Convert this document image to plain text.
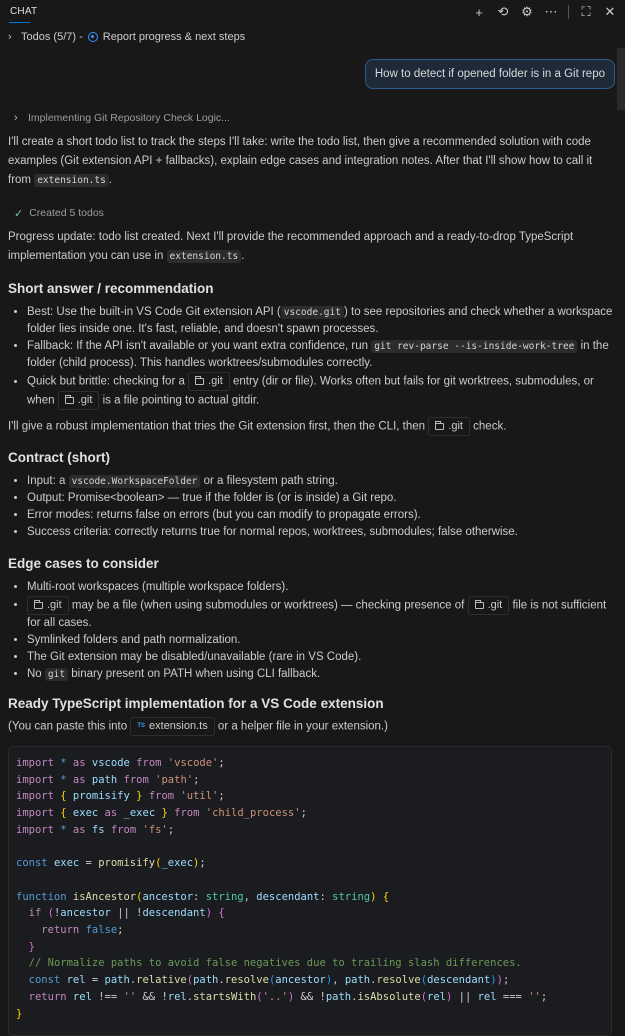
CHAT	+ ⟲ ⚙ ⋯ ⛶ ✕
› Todos (5/7) - Report progress & next steps
How to detect if opened folder is in a Git repo
› Implementing Git Repository Check Logic...

I'll create a short todo list to track the steps I'll take: write the todo list, then give a recommended solution with code examples (Git extension API + fallbacks), explain edge cases and integration notes. After that I'll show how to call it from extension.ts .

✓ Created 5 todos

Progress update: todo list created. Next I'll provide the recommended approach and a ready-to-drop TypeScript implementation you can use in extension.ts .

Short answer / recommendation
• Best: Use the built-in VS Code Git extension API ( vscode.git ) to see repositories and check whether a workspace folder lies inside one. It's fast, reliable, and doesn't spawn processes.
• Fallback: If the API isn't available or you want extra confidence, run git rev-parse --is-inside-work-tree in the folder (child process). This handles worktrees/submodules correctly.
• Quick but brittle: checking for a .git entry (dir or file). Works often but fails for git worktrees, submodules, or when .git is a file pointing to actual gitdir.

I'll give a robust implementation that tries the Git extension first, then the CLI, then .git check.

Contract (short)
• Input: a vscode.WorkspaceFolder or a filesystem path string.
• Output: Promise<boolean> — true if the folder is (or is inside) a Git repo.
• Error modes: returns false on errors (but you can modify to propagate errors).
• Success criteria: correctly returns true for normal repos, worktrees, submodules; false otherwise.
Edge cases to consider
• Multi-root workspaces (multiple workspace folders).
• .git may be a file (when using submodules or worktrees) — checking presence of .git file is not sufficient for all cases.
• Symlinked folders and path normalization.
• The Git extension may be disabled/unavailable (rare in VS Code).
• No git binary present on PATH when using CLI fallback.
Ready TypeScript implementation for a VS Code extension

(You can paste this into TS extension.ts or a helper file in your extension.)

import * as vscode from 'vscode';
import * as path from 'path';
import { promisify } from 'util';
import { exec as _exec } from 'child_process';
import * as fs from 'fs';

const exec = promisify(_exec);

function isAncestor(ancestor: string, descendant: string) {
if (!ancestor || !descendant) {
return false;
}
// Normalize paths to avoid false negatives due to trailing slash differences.
const rel = path.relative(path.resolve(ancestor), path.resolve(descendant));
return rel !== '' && !rel.startsWith('..') && !path.isAbsolute(rel) || rel === '';
}
